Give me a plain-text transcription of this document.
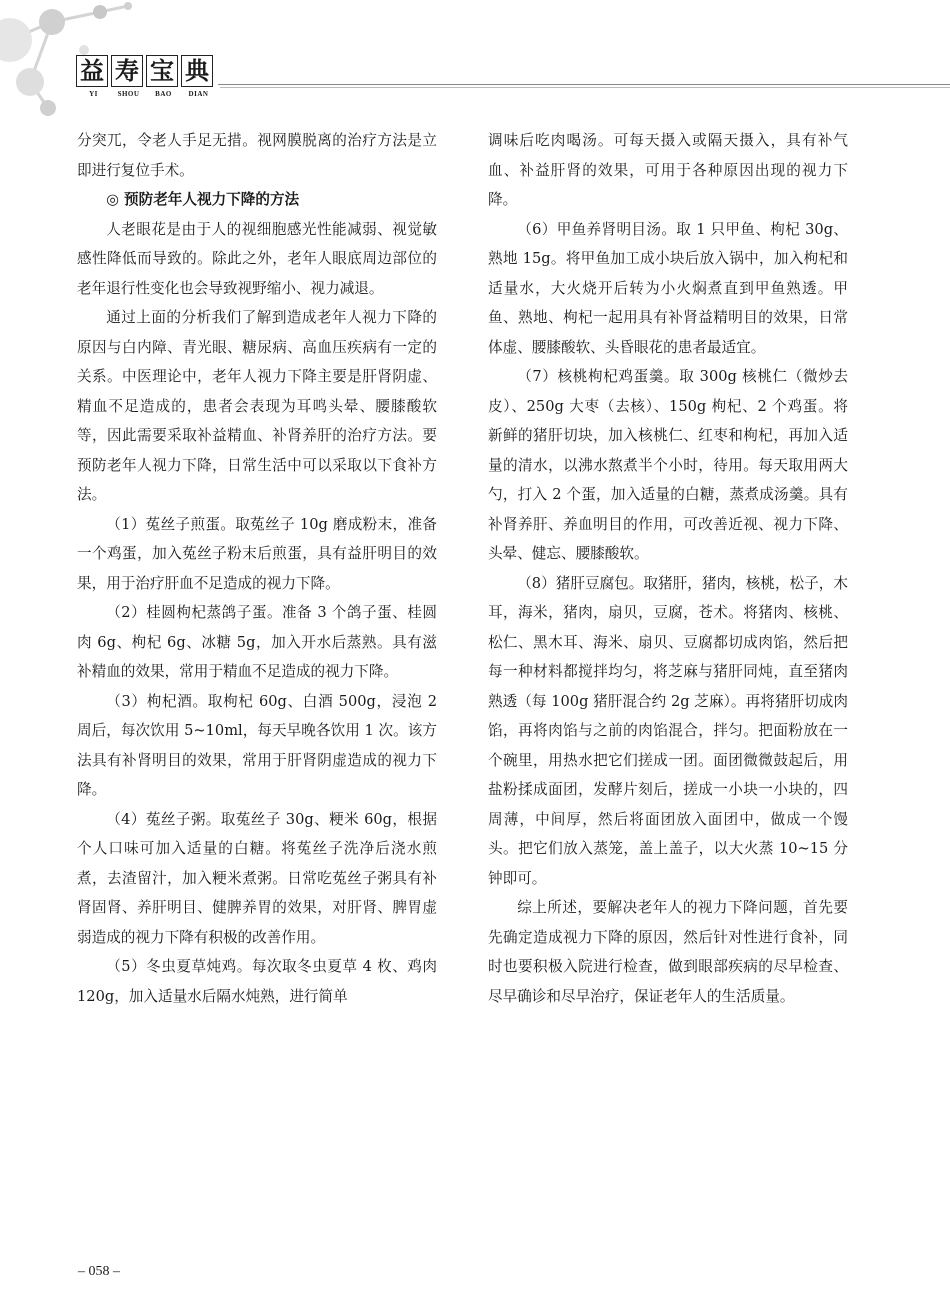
益 寿 宝 典
YI	SHOU	BAO	DIAN

分突兀，令老人手足无措。视网膜脱离的治疗方法是立即进行复位手术。

◎ 预防老年人视力下降的方法

人老眼花是由于人的视细胞感光性能减弱、视觉敏感性降低而导致的。除此之外，老年人眼底周边部位的老年退行性变化也会导致视野缩小、视力减退。

通过上面的分析我们了解到造成老年人视力下降的原因与白内障、青光眼、糖尿病、高血压疾病有一定的关系。中医理论中，老年人视力下降主要是肝肾阴虚、精血不足造成的，患者会表现为耳鸣头晕、腰膝酸软等，因此需要采取补益精血、补肾养肝的治疗方法。要预防老年人视力下降，日常生活中可以采取以下食补方法。

（1）菟丝子煎蛋。取菟丝子 10g 磨成粉末，准备一个鸡蛋，加入菟丝子粉末后煎蛋，具有益肝明目的效果，用于治疗肝血不足造成的视力下降。

（2）桂圆枸杞蒸鸽子蛋。准备 3 个鸽子蛋、桂圆肉 6g、枸杞 6g、冰糖 5g，加入开水后蒸熟。具有滋补精血的效果，常用于精血不足造成的视力下降。

（3）枸杞酒。取枸杞 60g、白酒 500g，浸泡 2 周后，每次饮用 5~10ml，每天早晚各饮用 1 次。该方法具有补肾明目的效果，常用于肝肾阴虚造成的视力下降。

（4）菟丝子粥。取菟丝子 30g、粳米 60g，根据个人口味可加入适量的白糖。将菟丝子洗净后浇水煎煮，去渣留汁，加入粳米煮粥。日常吃菟丝子粥具有补肾固肾、养肝明目、健脾养胃的效果，对肝肾、脾胃虚弱造成的视力下降有积极的改善作用。

（5）冬虫夏草炖鸡。每次取冬虫夏草 4 枚、鸡肉 120g，加入适量水后隔水炖熟，进行简单

调味后吃肉喝汤。可每天摄入或隔天摄入，具有补气血、补益肝肾的效果，可用于各种原因出现的视力下降。

（6）甲鱼养肾明目汤。取 1 只甲鱼、枸杞 30g、熟地 15g。将甲鱼加工成小块后放入锅中，加入枸杞和适量水，大火烧开后转为小火焖煮直到甲鱼熟透。甲鱼、熟地、枸杞一起用具有补肾益精明目的效果，日常体虚、腰膝酸软、头昏眼花的患者最适宜。

（7）核桃枸杞鸡蛋羹。取 300g 核桃仁（微炒去皮）、250g 大枣（去核）、150g 枸杞、2 个鸡蛋。将新鲜的猪肝切块，加入核桃仁、红枣和枸杞，再加入适量的清水，以沸水熬煮半个小时，待用。每天取用两大勺，打入 2 个蛋，加入适量的白糖，蒸煮成汤羹。具有补肾养肝、养血明目的作用，可改善近视、视力下降、头晕、健忘、腰膝酸软。

（8）猪肝豆腐包。取猪肝，猪肉，核桃，松子，木耳，海米，猪肉，扇贝，豆腐，苍术。将猪肉、核桃、松仁、黑木耳、海米、扇贝、豆腐都切成肉馅，然后把每一种材料都搅拌均匀，将芝麻与猪肝同炖，直至猪肉熟透（每 100g 猪肝混合约 2g 芝麻）。再将猪肝切成肉馅，再将肉馅与之前的肉馅混合，拌匀。把面粉放在一个碗里，用热水把它们搓成一团。面团微微鼓起后，用盐粉揉成面团，发酵片刻后，搓成一小块一小块的，四周薄，中间厚，然后将面团放入面团中，做成一个馒头。把它们放入蒸笼，盖上盖子，以大火蒸 10~15 分钟即可。

综上所述，要解决老年人的视力下降问题，首先要先确定造成视力下降的原因，然后针对性进行食补，同时也要积极入院进行检查，做到眼部疾病的尽早检查、尽早确诊和尽早治疗，保证老年人的生活质量。

– 058 –
